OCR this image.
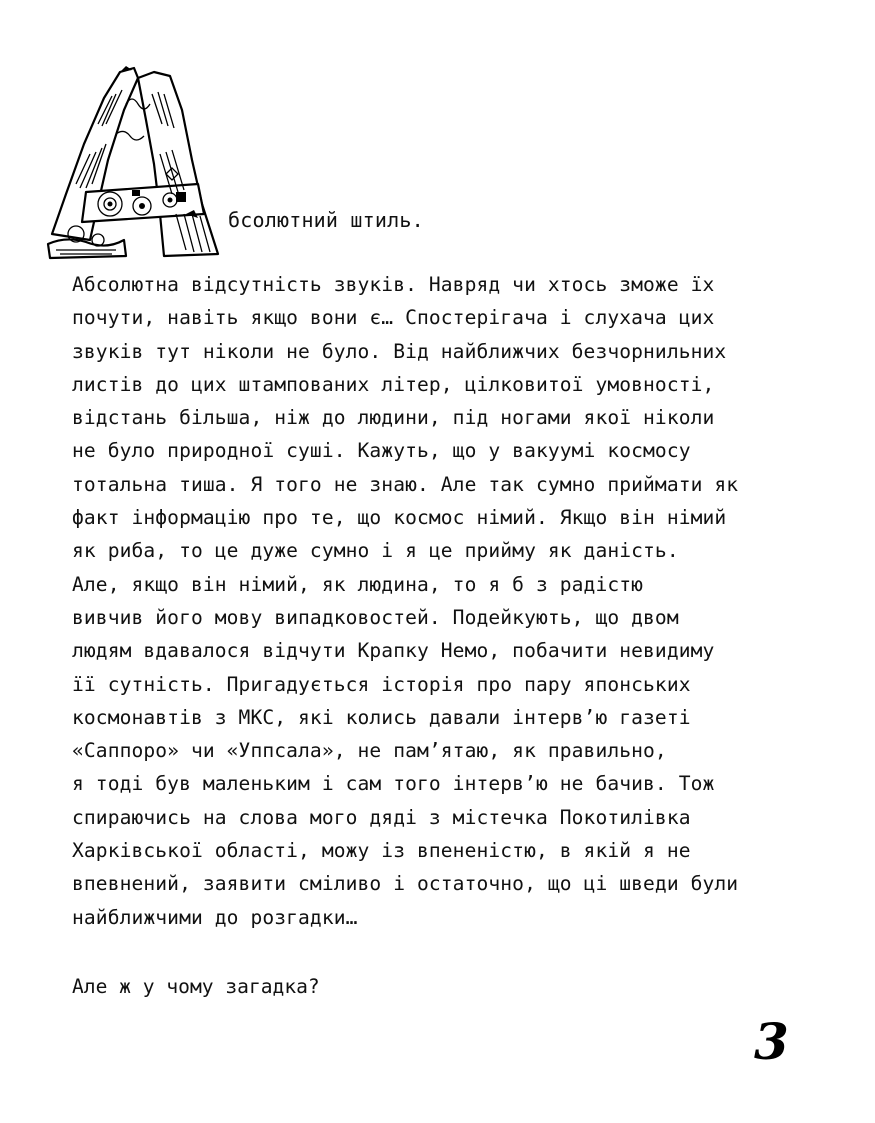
бсолютний штиль.
Абсолютна відсутність звуків. Навряд чи хтось зможе їх
почути, навіть якщо вони є… Спостерігача і слухача цих
звуків тут ніколи не було. Від найближчих безчорнильних
листів до цих штампованих літер, цілковитої умовності,
відстань більша, ніж до людини, під ногами якої ніколи
не було природної суші. Кажуть, що у вакуумі космосу
тотальна тиша. Я того не знаю. Але так сумно приймати як
факт інформацію про те, що космос німий. Якщо він німий
як риба, то це дуже сумно і я це прийму як даність.
Але, якщо він німий, як людина, то я б з радістю
вивчив його мову випадковостей. Подейкують, що двом
людям вдавалося відчути Крапку Немо, побачити невидиму
її сутність. Пригадується історія про пару японських
космонавтів з МКС, які колись давали інтерв’ю газеті
«Саппоро» чи «Уппсала», не пам’ятаю, як правильно,
я тоді був маленьким і сам того інтерв’ю не бачив. Тож
спираючись на слова мого дяді з містечка Покотилівка
Харківської області, можу із впененістю, в якій я не
впевнений, заявити сміливо і остаточно, що ці шведи були
найближчими до розгадки…
Але ж у чому загадка?
3
